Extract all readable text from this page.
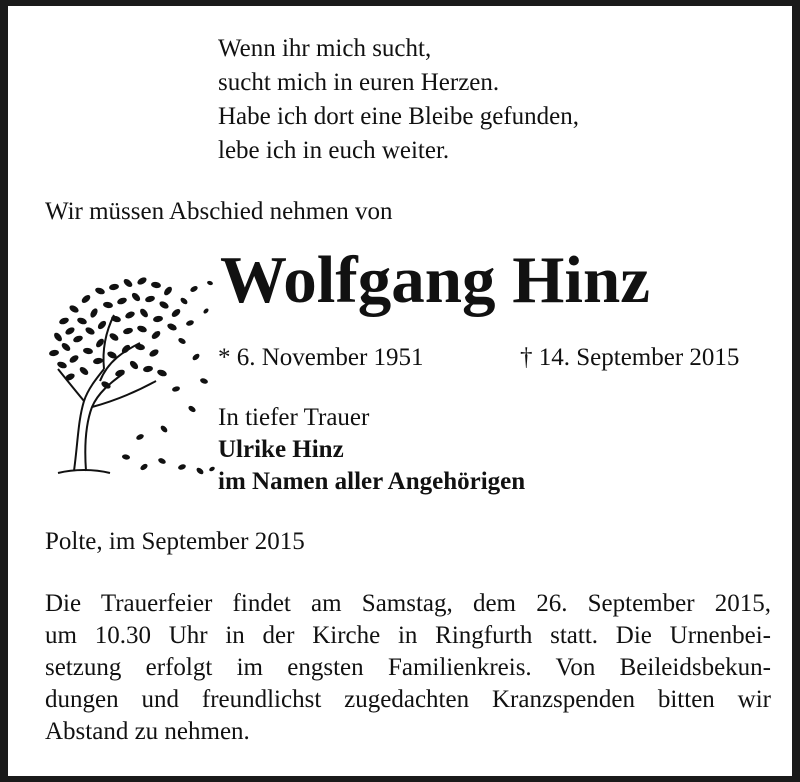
Wenn ihr mich sucht,
sucht mich in euren Herzen.
Habe ich dort eine Bleibe gefunden,
lebe ich in euch weiter.
Wir müssen Abschied nehmen von
Wolfgang Hinz
* 6. November 1951	† 14. September 2015
In tiefer Trauer
Ulrike Hinz
im Namen aller Angehörigen
Polte, im September 2015
Die Trauerfeier findet am Samstag, dem 26. September 2015,
um 10.30 Uhr in der Kirche in Ringfurth statt. Die Urnenbei-
setzung erfolgt im engsten Familienkreis. Von Beileidsbekun-
dungen und freundlichst zugedachten Kranzspenden bitten wir
Abstand zu nehmen.
